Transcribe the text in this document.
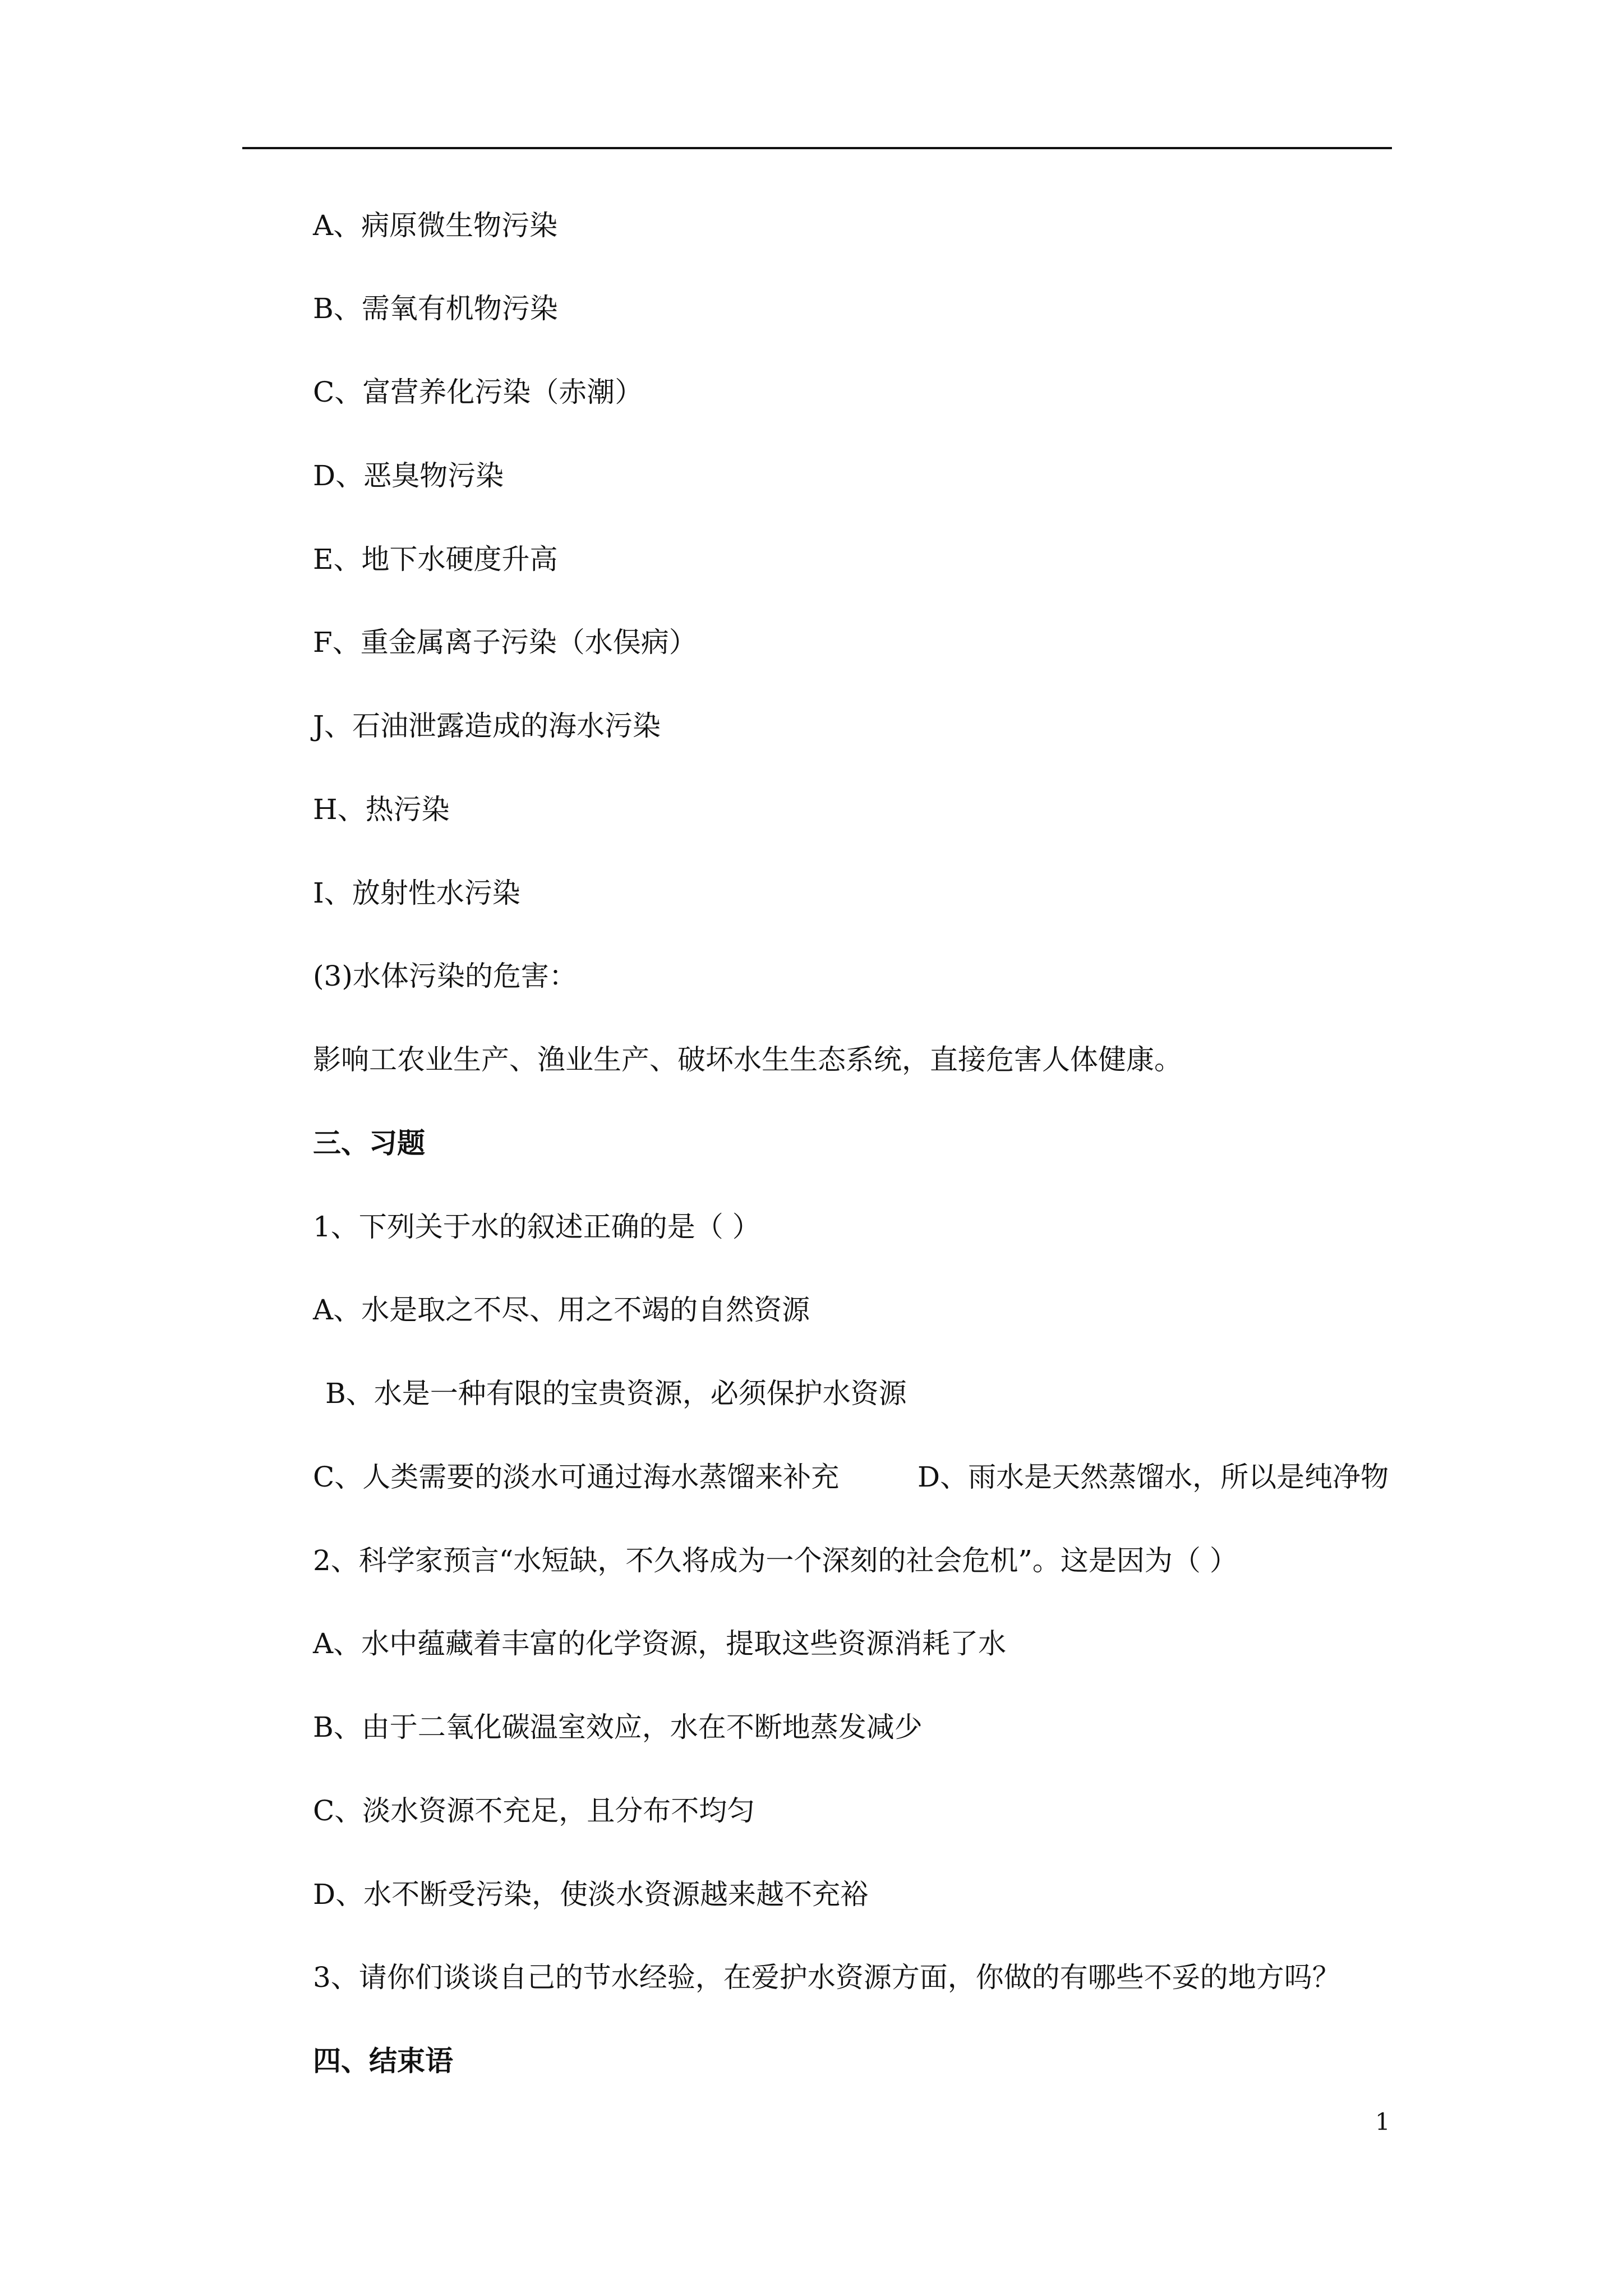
A、病原微生物污染
B、需氧有机物污染
C、富营养化污染（赤潮）
D、恶臭物污染
E、地下水硬度升高
F、重金属离子污染（水俣病）
J、石油泄露造成的海水污染
H、热污染
I、放射性水污染
(3)水体污染的危害：
影响工农业生产、渔业生产、破坏水生生态系统，直接危害人体健康。
三、习题
1、下列关于水的叙述正确的是（ ）
A、水是取之不尽、用之不竭的自然资源
B、水是一种有限的宝贵资源，必须保护水资源
C、人类需要的淡水可通过海水蒸馏来补充	D、雨水是天然蒸馏水，所以是纯净物
2、科学家预言“水短缺，不久将成为一个深刻的社会危机”。这是因为（ ）
A、水中蕴藏着丰富的化学资源，提取这些资源消耗了水
B、由于二氧化碳温室效应，水在不断地蒸发减少
C、淡水资源不充足，且分布不均匀
D、水不断受污染，使淡水资源越来越不充裕
3、请你们谈谈自己的节水经验，在爱护水资源方面，你做的有哪些不妥的地方吗？
四、结束语
1
